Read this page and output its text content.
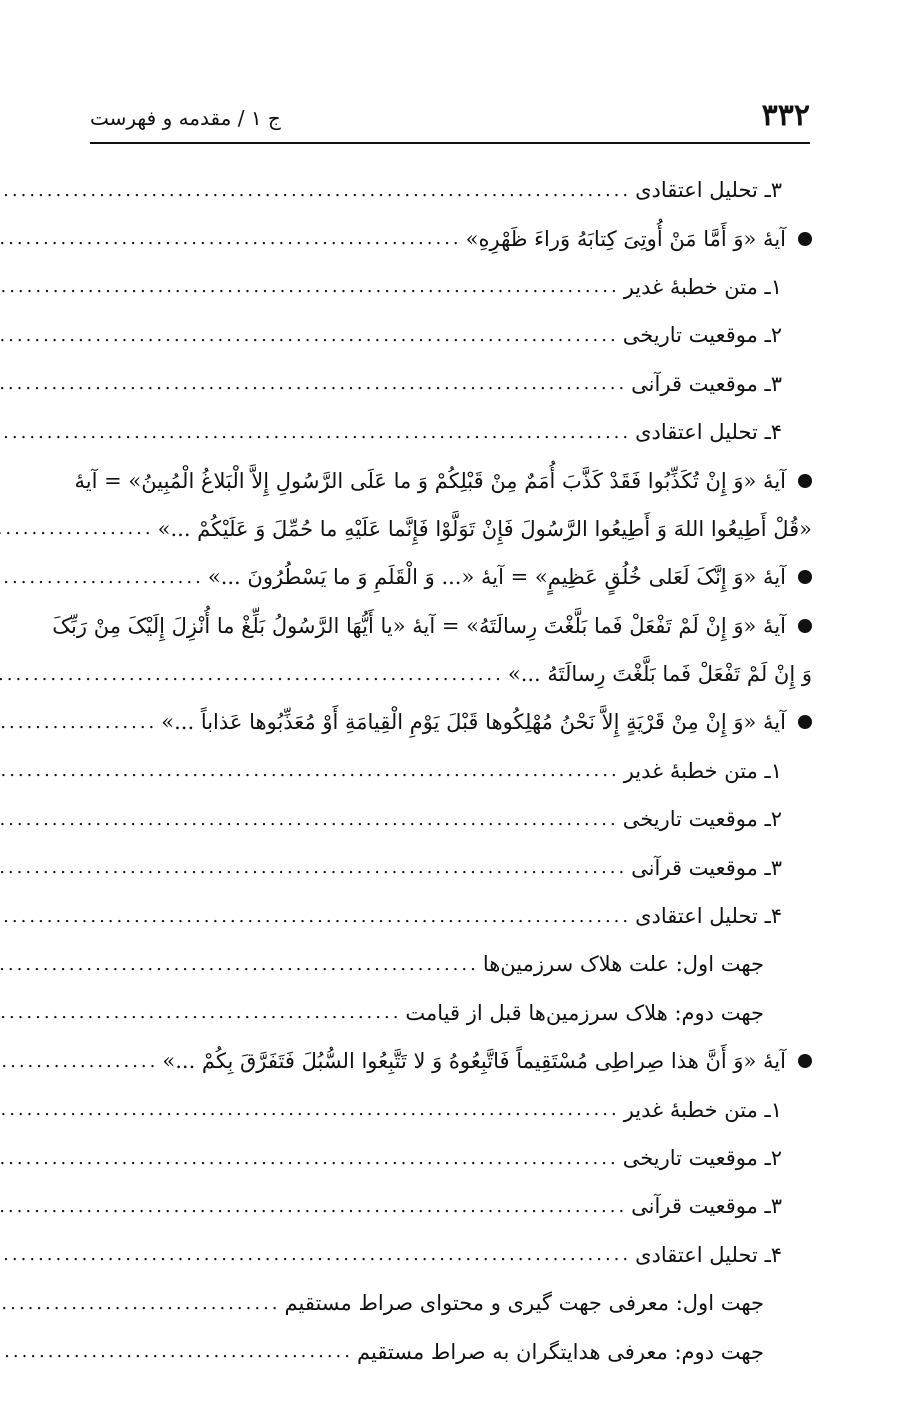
۳۳۲
ج ۱ / مقدمه و فهرست
۳ـ تحلیل اعتقادی
.....
آیهٔ «وَ أَمَّا مَنْ أُوتِیَ کِتابَهُ وَراءَ ظَهْرِهِ»
.....
۱ـ متن خطبهٔ غدیر
.....
۲ـ موقعیت تاریخی
.....
۳ـ موقعیت قرآنی
.....
۴ـ تحلیل اعتقادی
.....
آیهٔ «وَ إِنْ تُکَذِّبُوا فَقَدْ کَذَّبَ أُمَمٌ مِنْ قَبْلِکُمْ وَ ما عَلَی الرَّسُولِ إِلاَّ الْبَلاغُ الْمُبِینُ» = آیهٔ
«قُلْ أَطِیعُوا اللهَ وَ أَطِیعُوا الرَّسُولَ فَإِنْ تَوَلَّوْا فَإِنَّما عَلَیْهِ ما حُمِّلَ وَ عَلَیْکُمْ ...»
.....
آیهٔ «وَ إِنَّکَ لَعَلی خُلُقٍ عَظِیمٍ» = آیهٔ «... وَ الْقَلَمِ وَ ما یَسْطُرُونَ ...»
.....
آیهٔ «وَ إِنْ لَمْ تَفْعَلْ فَما بَلَّغْتَ رِسالَتَهُ» = آیهٔ «یا أَیُّهَا الرَّسُولُ بَلِّغْ ما أُنْزِلَ إِلَیْکَ مِنْ رَبِّکَ
وَ إِنْ لَمْ تَفْعَلْ فَما بَلَّغْتَ رِسالَتَهُ ...»
.....
آیهٔ «وَ إِنْ مِنْ قَرْیَةٍ إِلاَّ نَحْنُ مُهْلِکُوها قَبْلَ یَوْمِ الْقِیامَةِ أَوْ مُعَذِّبُوها عَذاباً ...»
.....
۱ـ متن خطبهٔ غدیر
.....
۲ـ موقعیت تاریخی
.....
۳ـ موقعیت قرآنی
.....
۴ـ تحلیل اعتقادی
.....
جهت اول: علت هلاک سرزمین‌ها
.....
جهت دوم: هلاک سرزمین‌ها قبل از قیامت
.....
آیهٔ «وَ أَنَّ هذا صِراطِی مُسْتَقِیماً فَاتَّبِعُوهُ وَ لا تَتَّبِعُوا السُّبُلَ فَتَفَرَّقَ بِکُمْ ...»
.....
۱ـ متن خطبهٔ غدیر
.....
۲ـ موقعیت تاریخی
.....
۳ـ موقعیت قرآنی
.....
۴ـ تحلیل اعتقادی
.....
جهت اول: معرفی جهت گیری و محتوای صراط مستقیم
.....
جهت دوم: معرفی هدایتگران به صراط مستقیم
.....
